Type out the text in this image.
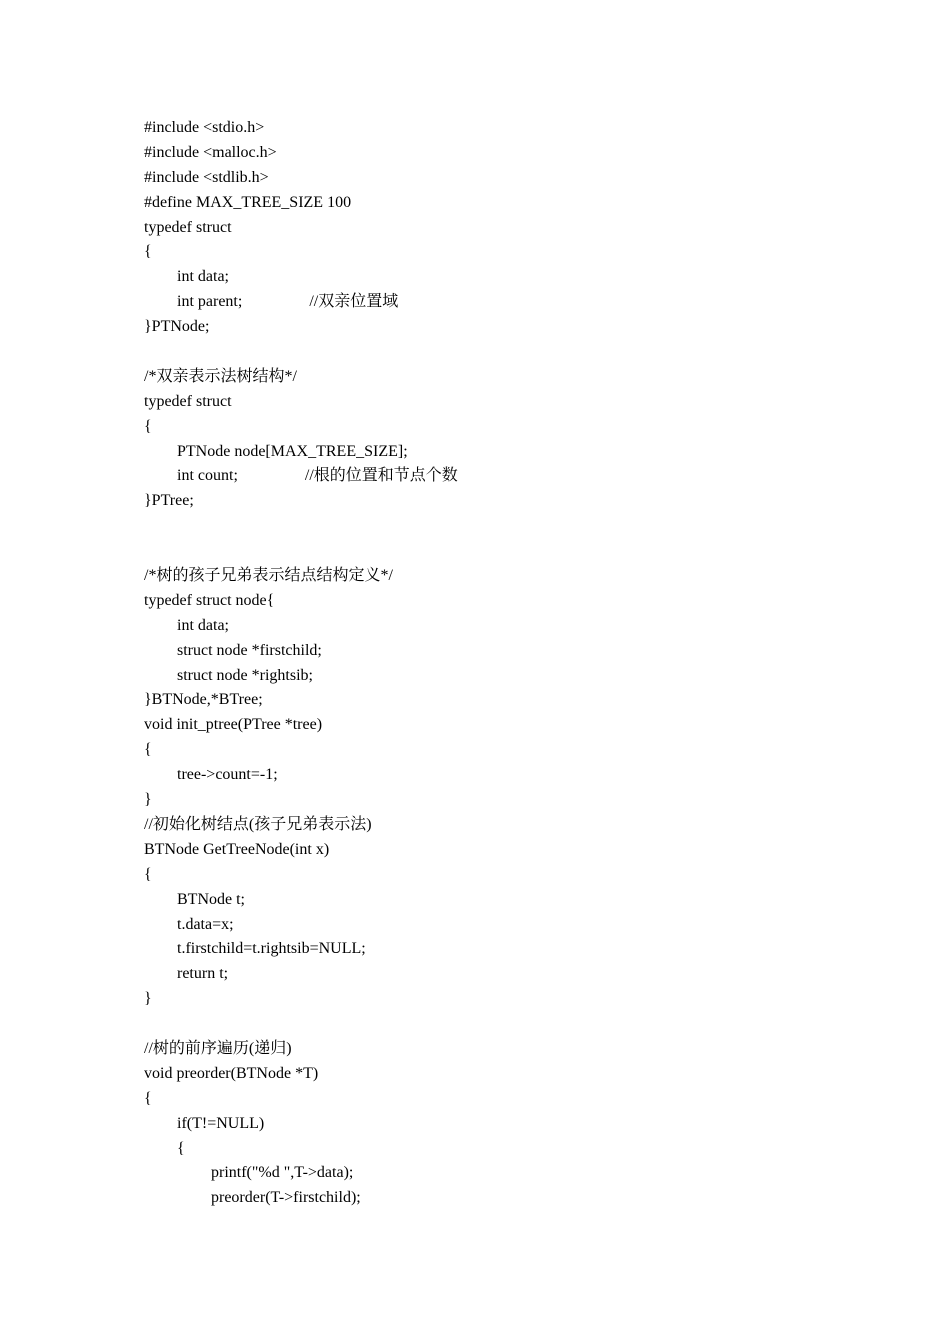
#include <stdio.h>
#include <malloc.h>
#include <stdlib.h>
#define MAX_TREE_SIZE 100
typedef struct
{
int data;
int parent;	//双亲位置域
}PTNode;
/*双亲表示法树结构*/
typedef struct
{
PTNode node[MAX_TREE_SIZE];
int count;	//根的位置和节点个数
}PTree;
/*树的孩子兄弟表示结点结构定义*/
typedef struct node{
int data;
struct node *firstchild;
struct node *rightsib;
}BTNode,*BTree;
void init_ptree(PTree *tree)
{
tree->count=-1;
}
//初始化树结点(孩子兄弟表示法)
BTNode GetTreeNode(int x)
{
BTNode t;
t.data=x;
t.firstchild=t.rightsib=NULL;
return t;
}
//树的前序遍历(递归)
void preorder(BTNode *T)
{
if(T!=NULL)
{
printf("%d ",T->data);
preorder(T->firstchild);
